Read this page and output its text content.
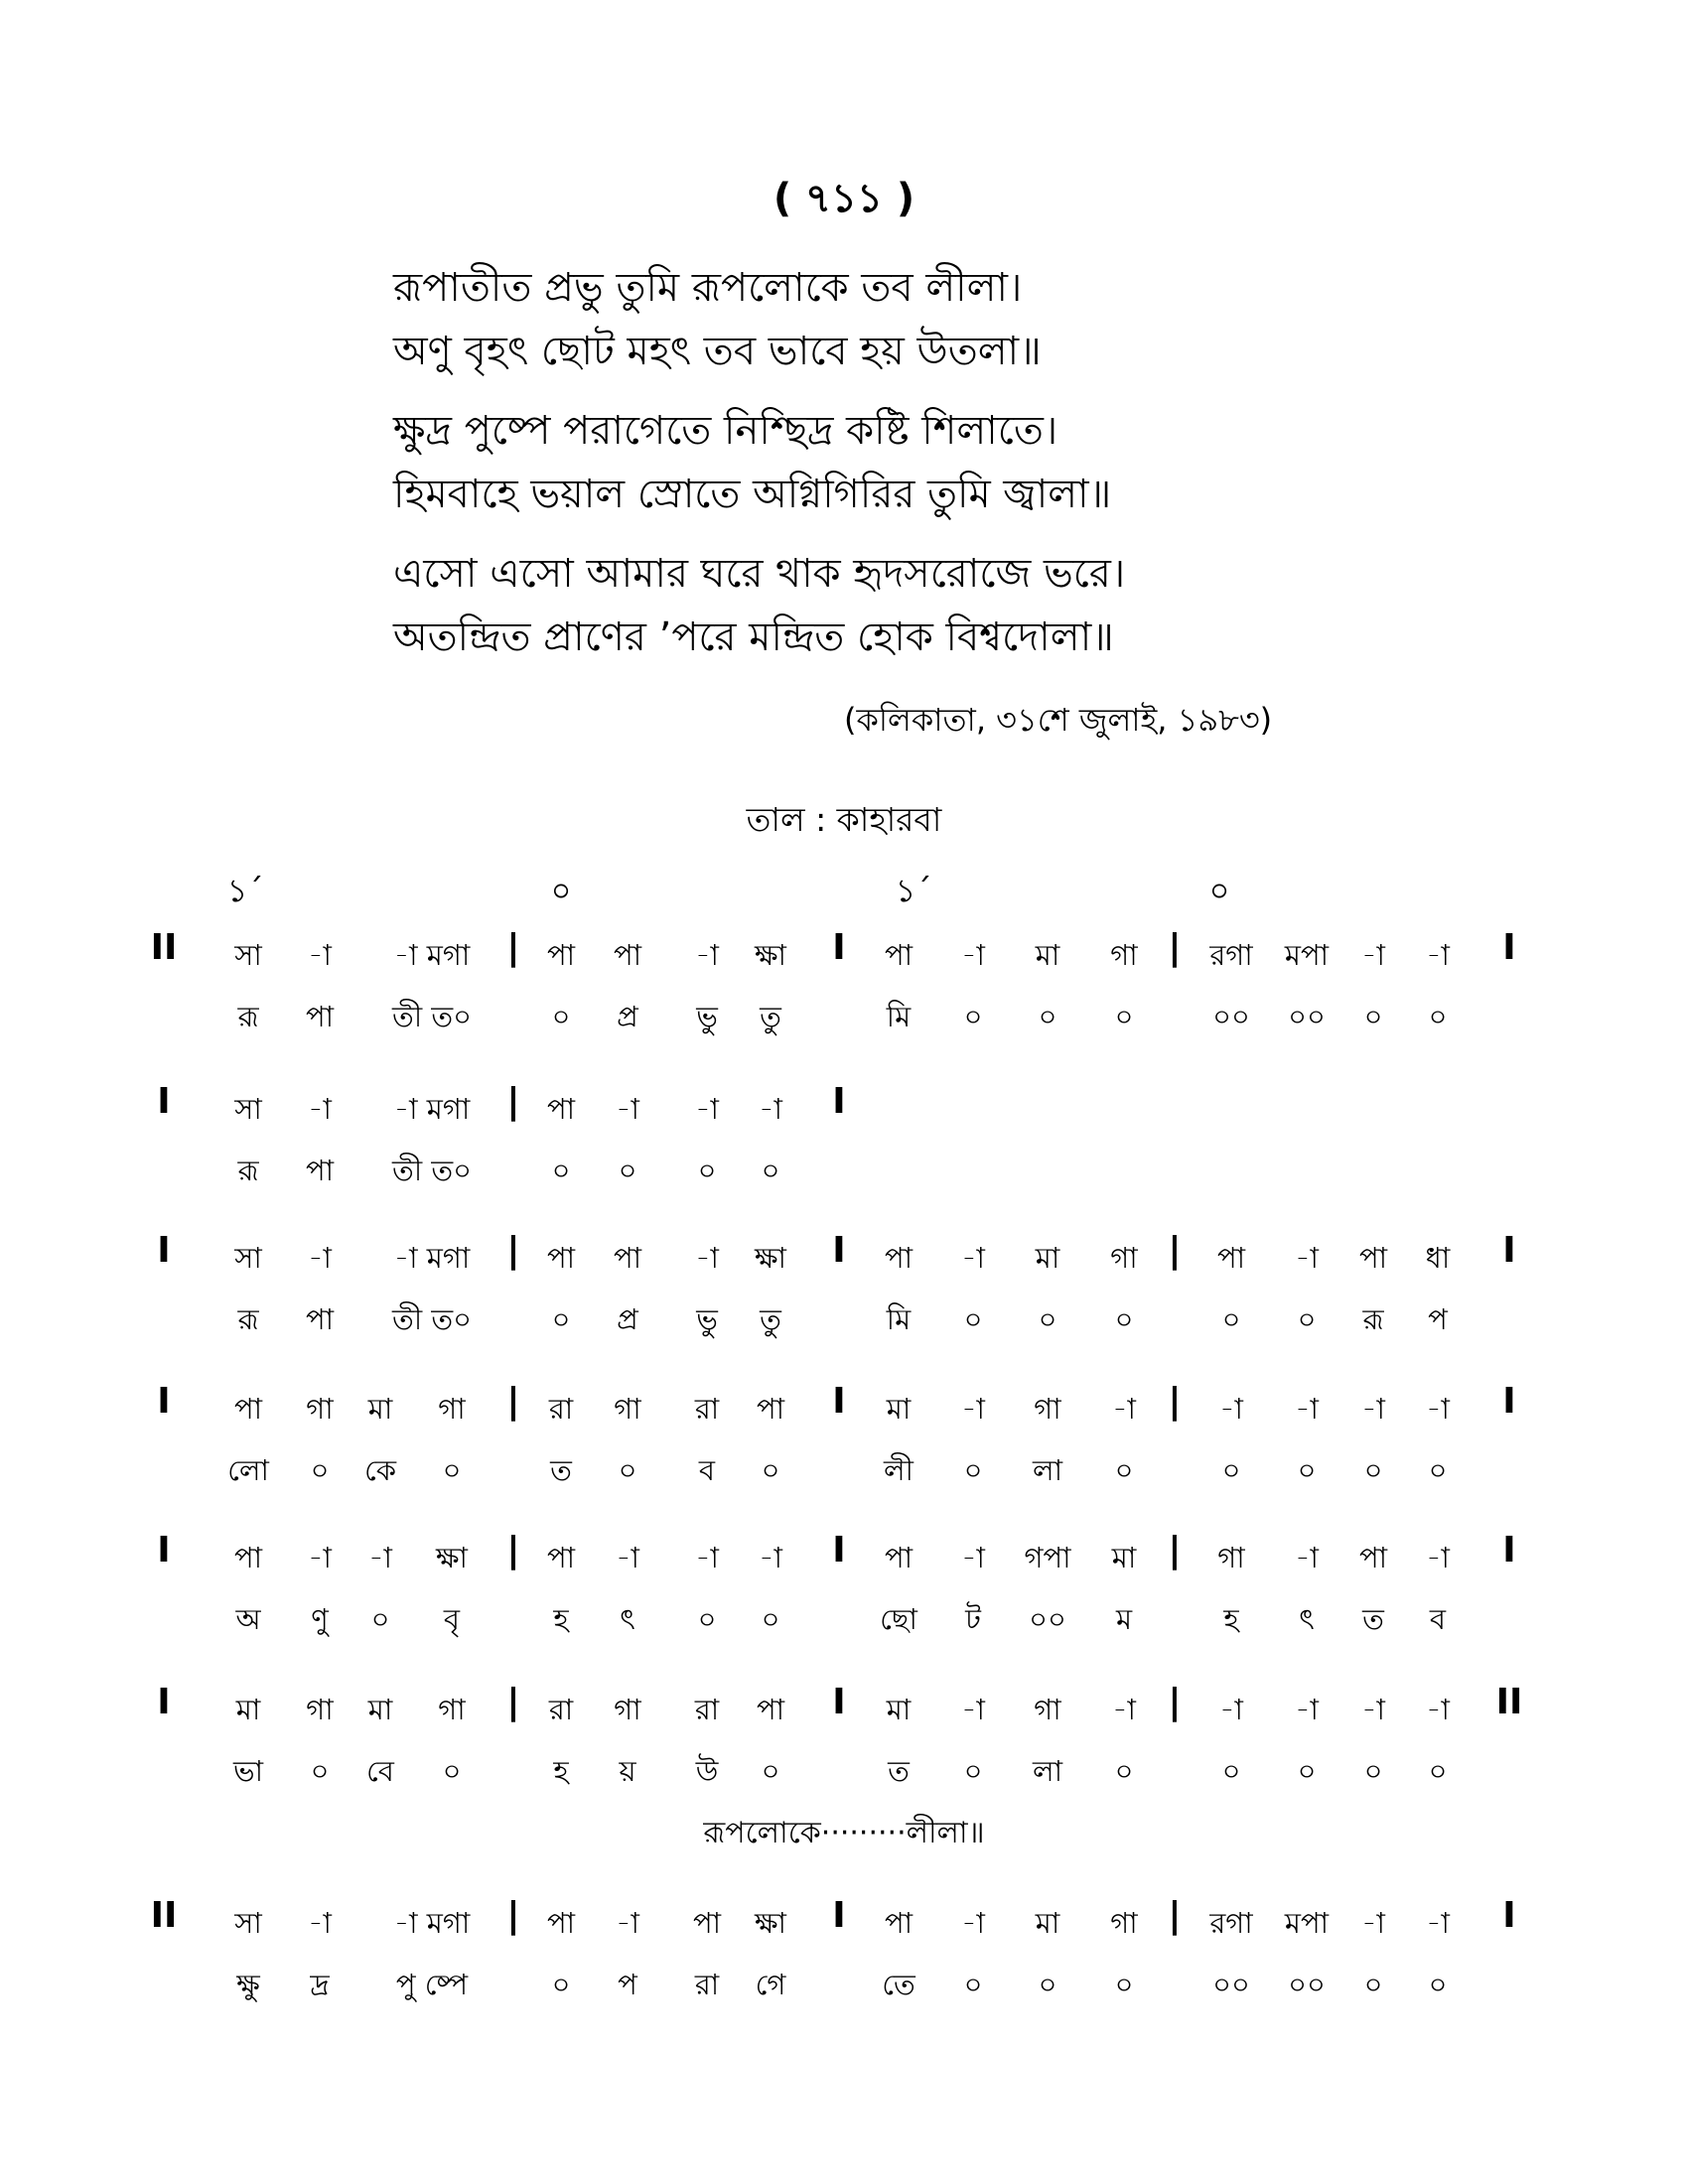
( ৭১১ )
রূপাতীত প্রভু তুমি রূপলোকে তব লীলা।
অণু বৃহৎ ছোট মহৎ তব ভাবে হয় উতলা॥
ক্ষুদ্র পুষ্পে পরাগেতে নিশ্ছিদ্র কষ্টি শিলাতে।
হিমবাহে ভয়াল স্রোতে অগ্নিগিরির তুমি জ্বালা॥
এসো এসো আমার ঘরে থাক হৃদসরোজে ভরে।
অতন্দ্রিত প্রাণের ’পরে মন্দ্রিত হোক বিশ্বদোলা॥
(কলিকাতা, ৩১শে জুলাই, ১৯৮৩)
তাল : কাহারবা
১´	০	১´	০
II	|	I	|	I
সা -া -া মগা	পা পা -া ক্ষা	পা -া মা গা	রগা মপা -া -া
রূ পা তী ত০	০ প্র ভু তু	মি ০ ০ ০	০০ ০০ ০ ০
I	|	I
সা -া -া মগা	পা -া -া -া
রূ পা তী ত০	০ ০ ০ ০
I	|	I	|	I
সা -া -া মগা	পা পা -া ক্ষা	পা -া মা গা	পা -া পা ধা
রূ পা তী ত০	০ প্র ভু তু	মি ০ ০ ০	০ ০ রূ প
I	|	I	|	I
পা গা মা গা	রা গা রা পা	মা -া গা -া	-া -া -া -া
লো ০ কে ০	ত ০ ব ০	লী ০ লা ০	০ ০ ০ ০
I	|	I	|	I
পা -া -া ক্ষা	পা -া -া -া	পা -া গপা মা	গা -া পা -া
অ ণু ০ বৃ	হ ৎ ০ ০	ছো ট ০০ ম	হ ৎ ত ব
I	|	I	|	II
মা গা মা গা	রা গা রা পা	মা -া গা -া	-া -া -া -া
ভা ০ বে ০	হ য় উ ০	ত ০ লা ০	০ ০ ০ ০
II	|	I	|	I
সা -া -া মগা	পা -া পা ক্ষা	পা -া মা গা	রগা মপা -া -া
ক্ষু দ্র পু ষ্পে	০ প রা গে	তে ০ ০ ০	০০ ০০ ০ ০
রূপলোকে·········লীলা॥
